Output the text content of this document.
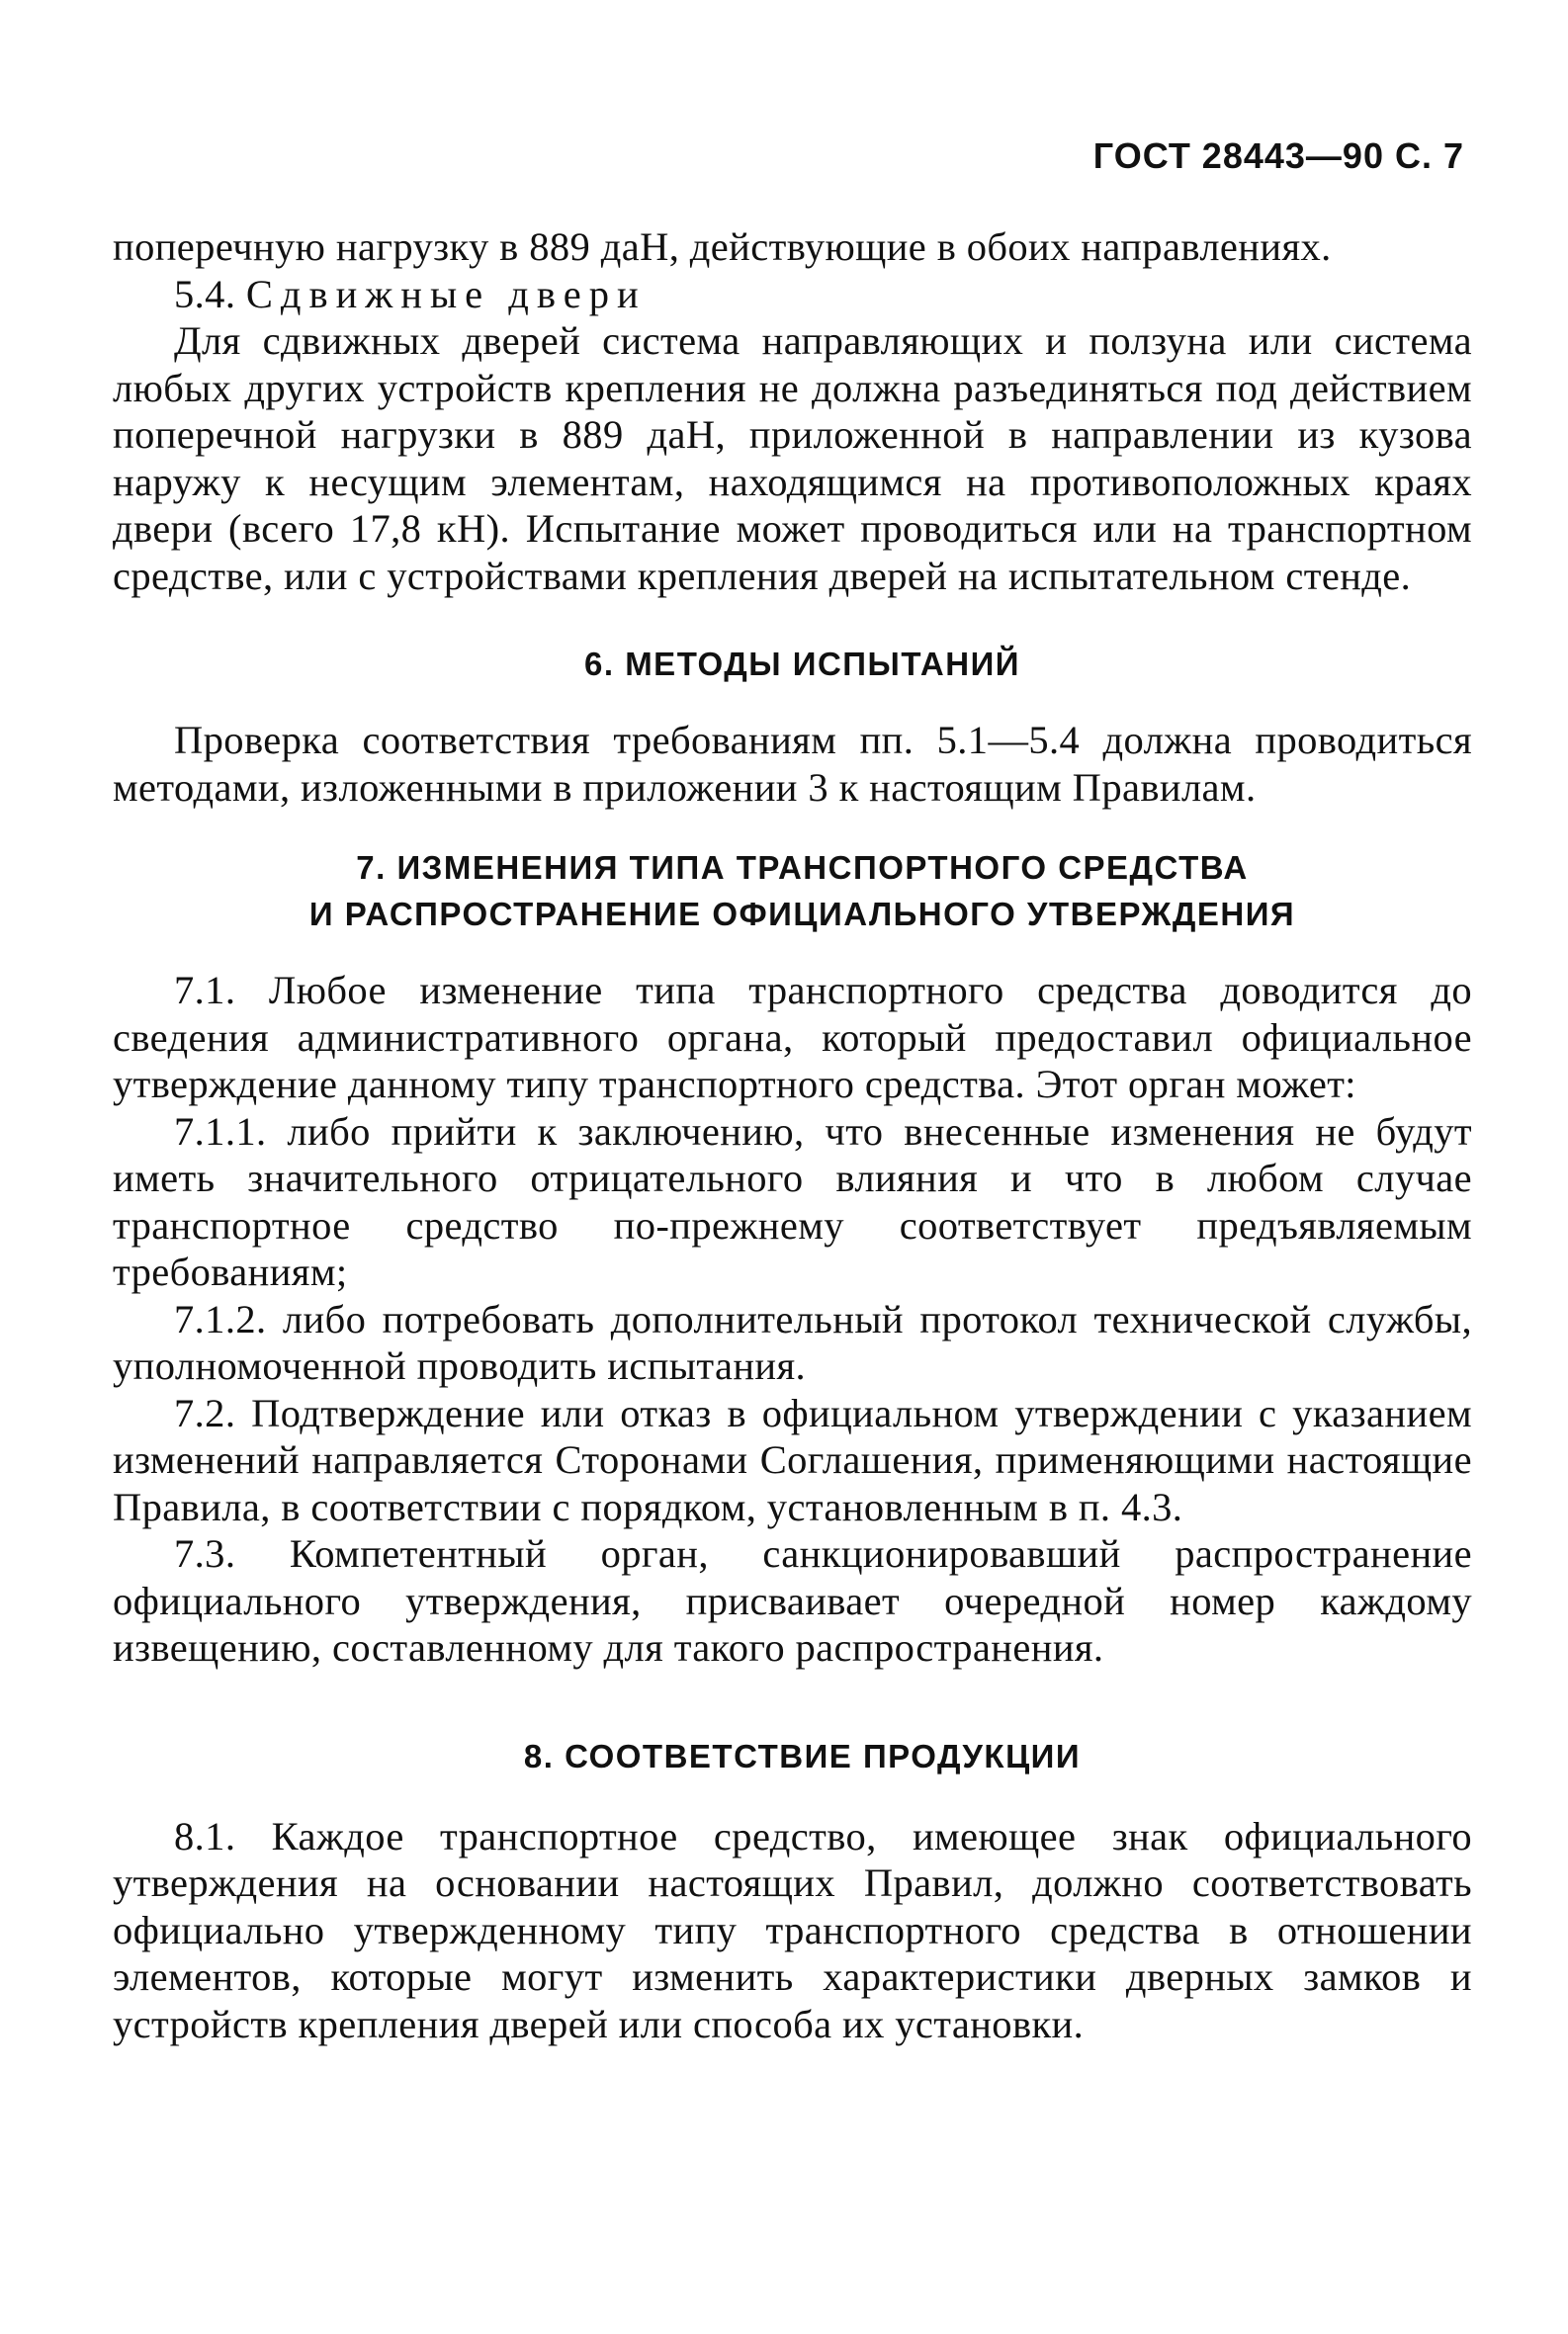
ГОСТ 28443—90 С. 7

поперечную нагрузку в 889 даН, действующие в обоих направлениях.

5.4. Сдвижные двери

Для сдвижных дверей система направляющих и ползуна или система любых других устройств крепления не должна разъединяться под действием поперечной нагрузки в 889 даН, приложенной в направлении из кузова наружу к несущим элементам, находящимся на противоположных краях двери (всего 17,8 кН). Испытание может проводиться или на транспортном средстве, или с устройствами крепления дверей на испытательном стенде.

6. МЕТОДЫ ИСПЫТАНИЙ

Проверка соответствия требованиям пп. 5.1—5.4 должна проводиться методами, изложенными в приложении 3 к настоящим Правилам.

7. ИЗМЕНЕНИЯ ТИПА ТРАНСПОРТНОГО СРЕДСТВА

И РАСПРОСТРАНЕНИЕ ОФИЦИАЛЬНОГО УТВЕРЖДЕНИЯ

7.1. Любое изменение типа транспортного средства доводится до сведения административного органа, который предоставил официальное утверждение данному типу транспортного средства. Этот орган может:

7.1.1. либо прийти к заключению, что внесенные изменения не будут иметь значительного отрицательного влияния и что в любом случае транспортное средство по-прежнему соответствует предъявляемым требованиям;

7.1.2. либо потребовать дополнительный протокол технической службы, уполномоченной проводить испытания.

7.2. Подтверждение или отказ в официальном утверждении с указанием изменений направляется Сторонами Соглашения, применяющими настоящие Правила, в соответствии с порядком, установленным в п. 4.3.

7.3. Компетентный орган, санкционировавший распространение официального утверждения, присваивает очередной номер каждому извещению, составленному для такого распространения.

8. СООТВЕТСТВИЕ ПРОДУКЦИИ

8.1. Каждое транспортное средство, имеющее знак официального утверждения на основании настоящих Правил, должно соответствовать официально утвержденному типу транспортного средства в отношении элементов, которые могут изменить характеристики дверных замков и устройств крепления дверей или способа их установки.
